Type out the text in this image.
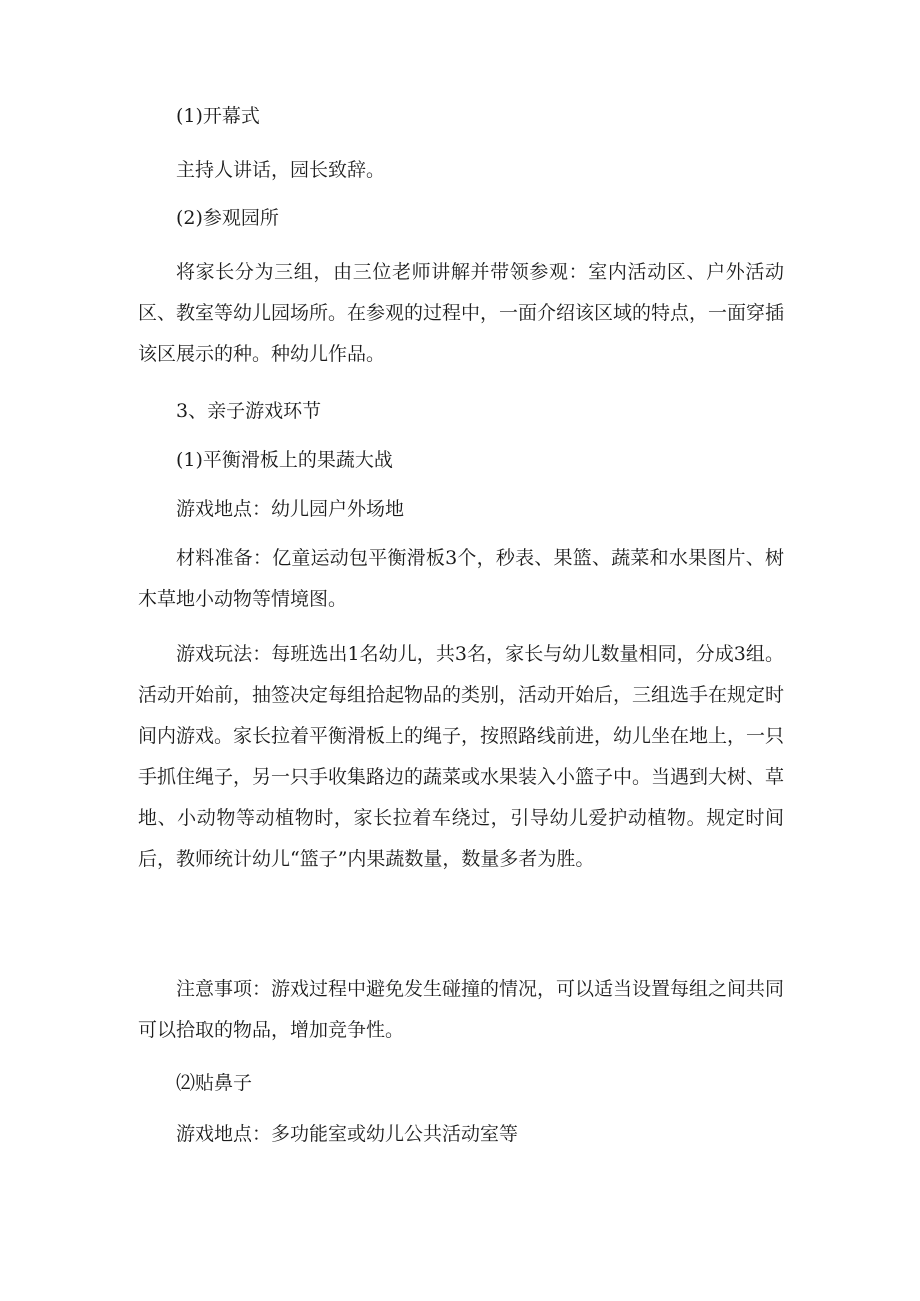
(1)开幕式

主持人讲话，园长致辞。

(2)参观园所

将家长分为三组，由三位老师讲解并带领参观：室内活动区、户外活动区、教室等幼儿园场所。在参观的过程中，一面介绍该区域的特点，一面穿插该区展示的种。种幼儿作品。

3、亲子游戏环节

(1)平衡滑板上的果蔬大战

游戏地点：幼儿园户外场地

材料准备：亿童运动包平衡滑板3个，秒表、果篮、蔬菜和水果图片、树木草地小动物等情境图。

游戏玩法：每班选出1名幼儿，共3名，家长与幼儿数量相同，分成3组。活动开始前，抽签决定每组拾起物品的类别，活动开始后，三组选手在规定时间内游戏。家长拉着平衡滑板上的绳子，按照路线前进，幼儿坐在地上，一只手抓住绳子，另一只手收集路边的蔬菜或水果装入小篮子中。当遇到大树、草地、小动物等动植物时，家长拉着车绕过，引导幼儿爱护动植物。规定时间后，教师统计幼儿“篮子”内果蔬数量，数量多者为胜。

注意事项：游戏过程中避免发生碰撞的情况，可以适当设置每组之间共同可以拾取的物品，增加竞争性。

⑵贴鼻子

游戏地点：多功能室或幼儿公共活动室等
